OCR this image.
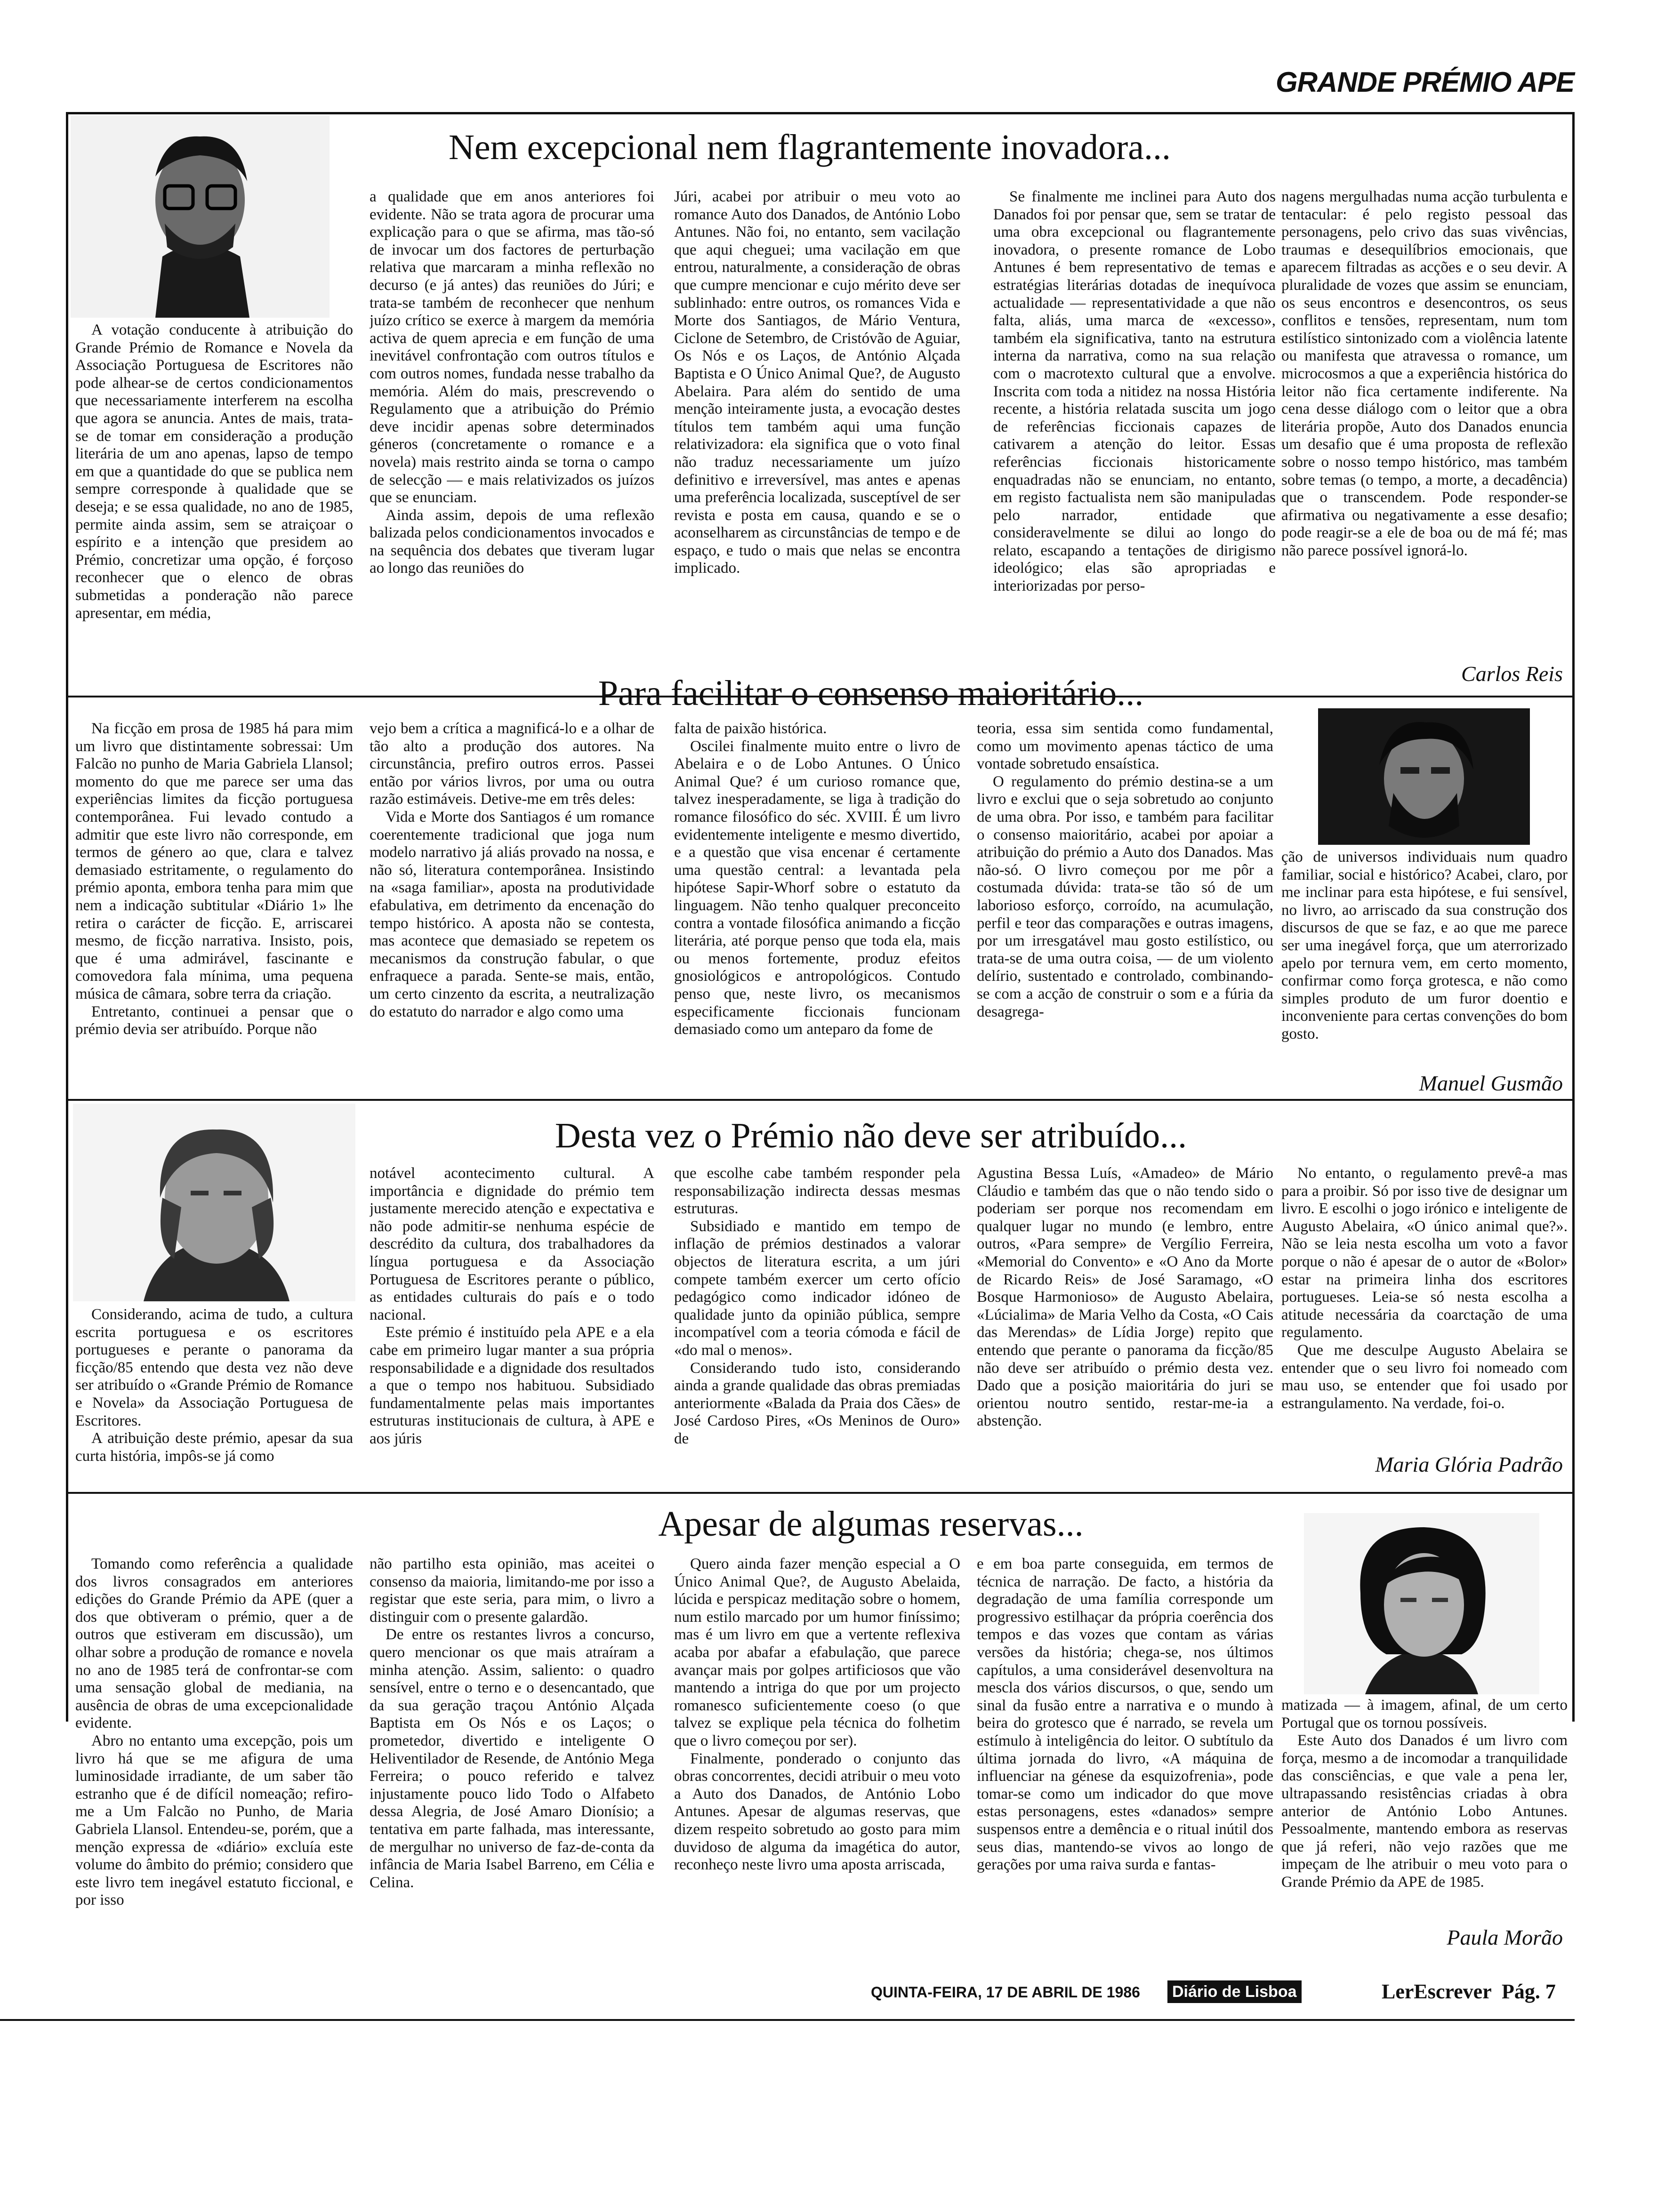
GRANDE PRÉMIO APE
Nem excepcional nem flagrantemente inovadora...

A votação conducente à atribuição do Grande Prémio de Romance e Novela da Associação Portuguesa de Escritores não pode alhear-se de certos condicionamentos que necessariamente interferem na escolha que agora se anuncia. Antes de mais, trata-se de tomar em consideração a produção literária de um ano apenas, lapso de tempo em que a quantidade do que se publica nem sempre corresponde à qualidade que se deseja; e se essa qualidade, no ano de 1985, permite ainda assim, sem se atraiçoar o espírito e a intenção que presidem ao Prémio, concretizar uma opção, é forçoso reconhecer que o elenco de obras submetidas a ponderação não parece apresentar, em média,

a qualidade que em anos anteriores foi evidente. Não se trata agora de procurar uma explicação para o que se afirma, mas tão-só de invocar um dos factores de perturbação relativa que marcaram a minha reflexão no decurso (e já antes) das reuniões do Júri; e trata-se também de reconhecer que nenhum juízo crítico se exerce à margem da memória activa de quem aprecia e em função de uma inevitável confrontação com outros títulos e com outros nomes, fundada nesse trabalho da memória. Além do mais, prescrevendo o Regulamento que a atribuição do Prémio deve incidir apenas sobre determinados géneros (concretamente o romance e a novela) mais restrito ainda se torna o campo de selecção — e mais relativizados os juízos que se enunciam.

Ainda assim, depois de uma reflexão balizada pelos condicionamentos invocados e na sequência dos debates que tiveram lugar ao longo das reuniões do

Júri, acabei por atribuir o meu voto ao romance Auto dos Danados, de António Lobo Antunes. Não foi, no entanto, sem vacilação que aqui cheguei; uma vacilação em que entrou, naturalmente, a consideração de obras que cumpre mencionar e cujo mérito deve ser sublinhado: entre outros, os romances Vida e Morte dos Santiagos, de Mário Ventura, Ciclone de Setembro, de Cristóvão de Aguiar, Os Nós e os Laços, de António Alçada Baptista e O Único Animal Que?, de Augusto Abelaira. Para além do sentido de uma menção inteiramente justa, a evocação destes títulos tem também aqui uma função relativizadora: ela significa que o voto final não traduz necessariamente um juízo definitivo e irreversível, mas antes e apenas uma preferência localizada, susceptível de ser revista e posta em causa, quando e se o aconselharem as circunstâncias de tempo e de espaço, e tudo o mais que nelas se encontra implicado.

Se finalmente me inclinei para Auto dos Danados foi por pensar que, sem se tratar de uma obra excepcional ou flagrantemente inovadora, o presente romance de Lobo Antunes é bem representativo de temas e estratégias literárias dotadas de inequívoca actualidade — representatividade a que não falta, aliás, uma marca de «excesso», também ela significativa, tanto na estrutura interna da narrativa, como na sua relação com o macrotexto cultural que a envolve. Inscrita com toda a nitidez na nossa História recente, a história relatada suscita um jogo de referências ficcionais capazes de cativarem a atenção do leitor. Essas referências ficcionais historicamente enquadradas não se enunciam, no entanto, em registo factualista nem são manipuladas pelo narrador, entidade que consideravelmente se dilui ao longo do relato, escapando a tentações de dirigismo ideológico; elas são apropriadas e interiorizadas por perso-

nagens mergulhadas numa acção turbulenta e tentacular: é pelo registo pessoal das personagens, pelo crivo das suas vivências, traumas e desequilíbrios emocionais, que aparecem filtradas as acções e o seu devir. A pluralidade de vozes que assim se enunciam, os seus encontros e desencontros, os seus conflitos e tensões, representam, num tom estilístico sintonizado com a violência latente ou manifesta que atravessa o romance, um microcosmos a que a experiência histórica do leitor não fica certamente indiferente. Na cena desse diálogo com o leitor que a obra literária propõe, Auto dos Danados enuncia um desafio que é uma proposta de reflexão sobre o nosso tempo histórico, mas também sobre temas (o tempo, a morte, a decadência) que o transcendem. Pode responder-se afirmativa ou negativamente a esse desafio; pode reagir-se a ele de boa ou de má fé; mas não parece possível ignorá-lo.

Carlos Reis
Para facilitar o consenso maioritário...

Na ficção em prosa de 1985 há para mim um livro que distintamente sobressai: Um Falcão no punho de Maria Gabriela Llansol; momento do que me parece ser uma das experiências limites da ficção portuguesa contemporânea. Fui levado contudo a admitir que este livro não corresponde, em termos de género ao que, clara e talvez demasiado estritamente, o regulamento do prémio aponta, embora tenha para mim que nem a indicação subtitular «Diário 1» lhe retira o carácter de ficção. E, arriscarei mesmo, de ficção narrativa. Insisto, pois, que é uma admirável, fascinante e comovedora fala mínima, uma pequena música de câmara, sobre terra da criação.

Entretanto, continuei a pensar que o prémio devia ser atribuído. Porque não

vejo bem a crítica a magnificá-lo e a olhar de tão alto a produção dos autores. Na circunstância, prefiro outros erros. Passei então por vários livros, por uma ou outra razão estimáveis. Detive-me em três deles:

Vida e Morte dos Santiagos é um romance coerentemente tradicional que joga num modelo narrativo já aliás provado na nossa, e não só, literatura contemporânea. Insistindo na «saga familiar», aposta na produtividade efabulativa, em detrimento da encenação do tempo histórico. A aposta não se contesta, mas acontece que demasiado se repetem os mecanismos da construção fabular, o que enfraquece a parada. Sente-se mais, então, um certo cinzento da escrita, a neutralização do estatuto do narrador e algo como uma

falta de paixão histórica.

Oscilei finalmente muito entre o livro de Abelaira e o de Lobo Antunes. O Único Animal Que? é um curioso romance que, talvez inesperadamente, se liga à tradição do romance filosófico do séc. XVIII. É um livro evidentemente inteligente e mesmo divertido, e a questão que visa encenar é certamente uma questão central: a levantada pela hipótese Sapir-Whorf sobre o estatuto da linguagem. Não tenho qualquer preconceito contra a vontade filosófica animando a ficção literária, até porque penso que toda ela, mais ou menos fortemente, produz efeitos gnosiológicos e antropológicos. Contudo penso que, neste livro, os mecanismos especificamente ficcionais funcionam demasiado como um anteparo da fome de

teoria, essa sim sentida como fundamental, como um movimento apenas táctico de uma vontade sobretudo ensaística.

O regulamento do prémio destina-se a um livro e exclui que o seja sobretudo ao conjunto de uma obra. Por isso, e também para facilitar o consenso maioritário, acabei por apoiar a atribuição do prémio a Auto dos Danados. Mas não-só. O livro começou por me pôr a costumada dúvida: trata-se tão só de um laborioso esforço, corroído, na acumulação, perfil e teor das comparações e outras imagens, por um irresgatável mau gosto estilístico, ou trata-se de uma outra coisa, — de um violento delírio, sustentado e controlado, combinando-se com a acção de construir o som e a fúria da desagrega-

ção de universos individuais num quadro familiar, social e histórico? Acabei, claro, por me inclinar para esta hipótese, e fui sensível, no livro, ao arriscado da sua construção dos discursos de que se faz, e ao que me parece ser uma inegável força, que um aterrorizado apelo por ternura vem, em certo momento, confirmar como força grotesca, e não como simples produto de um furor doentio e inconveniente para certas convenções do bom gosto.

Manuel Gusmão
Desta vez o Prémio não deve ser atribuído...

Considerando, acima de tudo, a cultura escrita portuguesa e os escritores portugueses e perante o panorama da ficção/85 entendo que desta vez não deve ser atribuído o «Grande Prémio de Romance e Novela» da Associação Portuguesa de Escritores.

A atribuição deste prémio, apesar da sua curta história, impôs-se já como

notável acontecimento cultural. A importância e dignidade do prémio tem justamente merecido atenção e expectativa e não pode admitir-se nenhuma espécie de descrédito da cultura, dos trabalhadores da língua portuguesa e da Associação Portuguesa de Escritores perante o público, as entidades culturais do país e o todo nacional.

Este prémio é instituído pela APE e a ela cabe em primeiro lugar manter a sua própria responsabilidade e a dignidade dos resultados a que o tempo nos habituou. Subsidiado fundamentalmente pelas mais importantes estruturas institucionais de cultura, à APE e aos júris

que escolhe cabe também responder pela responsabilização indirecta dessas mesmas estruturas.

Subsidiado e mantido em tempo de inflação de prémios destinados a valorar objectos de literatura escrita, a um júri compete também exercer um certo ofício pedagógico como indicador idóneo de qualidade junto da opinião pública, sempre incompatível com a teoria cómoda e fácil de «do mal o menos».

Considerando tudo isto, considerando ainda a grande qualidade das obras premiadas anteriormente «Balada da Praia dos Cães» de José Cardoso Pires, «Os Meninos de Ouro» de

Agustina Bessa Luís, «Amadeo» de Mário Cláudio e também das que o não tendo sido o poderiam ser porque nos recomendam em qualquer lugar no mundo (e lembro, entre outros, «Para sempre» de Vergílio Ferreira, «Memorial do Convento» e «O Ano da Morte de Ricardo Reis» de José Saramago, «O Bosque Harmonioso» de Augusto Abelaira, «Lúcialima» de Maria Velho da Costa, «O Cais das Merendas» de Lídia Jorge) repito que entendo que perante o panorama da ficção/85 não deve ser atribuído o prémio desta vez. Dado que a posição maioritária do juri se orientou noutro sentido, restar-me-ia a abstenção.

No entanto, o regulamento prevê-a mas para a proibir. Só por isso tive de designar um livro. E escolhi o jogo irónico e inteligente de Augusto Abelaira, «O único animal que?». Não se leia nesta escolha um voto a favor porque o não é apesar de o autor de «Bolor» estar na primeira linha dos escritores portugueses. Leia-se só nesta escolha a atitude necessária da coarctação de uma regulamento.

Que me desculpe Augusto Abelaira se entender que o seu livro foi nomeado com mau uso, se entender que foi usado por estrangulamento. Na verdade, foi-o.

Maria Glória Padrão
Apesar de algumas reservas...

Tomando como referência a qualidade dos livros consagrados em anteriores edições do Grande Prémio da APE (quer a dos que obtiveram o prémio, quer a de outros que estiveram em discussão), um olhar sobre a produção de romance e novela no ano de 1985 terá de confrontar-se com uma sensação global de mediania, na ausência de obras de uma excepcionalidade evidente.

Abro no entanto uma excepção, pois um livro há que se me afigura de uma luminosidade irradiante, de um saber tão estranho que é de difícil nomeação; refiro-me a Um Falcão no Punho, de Maria Gabriela Llansol. Entendeu-se, porém, que a menção expressa de «diário» excluía este volume do âmbito do prémio; considero que este livro tem inegável estatuto ficcional, e por isso

não partilho esta opinião, mas aceitei o consenso da maioria, limitando-me por isso a registar que este seria, para mim, o livro a distinguir com o presente galardão.

De entre os restantes livros a concurso, quero mencionar os que mais atraíram a minha atenção. Assim, saliento: o quadro sensível, entre o terno e o desencantado, que da sua geração traçou António Alçada Baptista em Os Nós e os Laços; o prometedor, divertido e inteligente O Heliventilador de Resende, de António Mega Ferreira; o pouco referido e talvez injustamente pouco lido Todo o Alfabeto dessa Alegria, de José Amaro Dionísio; a tentativa em parte falhada, mas interessante, de mergulhar no universo de faz-de-conta da infância de Maria Isabel Barreno, em Célia e Celina.

Quero ainda fazer menção especial a O Único Animal Que?, de Augusto Abelaida, lúcida e perspicaz meditação sobre o homem, num estilo marcado por um humor finíssimo; mas é um livro em que a vertente reflexiva acaba por abafar a efabulação, que parece avançar mais por golpes artificiosos que vão mantendo a intriga do que por um projecto romanesco suficientemente coeso (o que talvez se explique pela técnica do folhetim que o livro começou por ser).

Finalmente, ponderado o conjunto das obras concorrentes, decidi atribuir o meu voto a Auto dos Danados, de António Lobo Antunes. Apesar de algumas reservas, que dizem respeito sobretudo ao gosto para mim duvidoso de alguma da imagética do autor, reconheço neste livro uma aposta arriscada,

e em boa parte conseguida, em termos de técnica de narração. De facto, a história da degradação de uma família corresponde um progressivo estilhaçar da própria coerência dos tempos e das vozes que contam as várias versões da história; chega-se, nos últimos capítulos, a uma considerável desenvoltura na mescla dos vários discursos, o que, sendo um sinal da fusão entre a narrativa e o mundo à beira do grotesco que é narrado, se revela um estímulo à inteligência do leitor. O subtítulo da última jornada do livro, «A máquina de influenciar na génese da esquizofrenia», pode tomar-se como um indicador do que move estas personagens, estes «danados» sempre suspensos entre a demência e o ritual inútil dos seus dias, mantendo-se vivos ao longo de gerações por uma raiva surda e fantas-

matizada — à imagem, afinal, de um certo Portugal que os tornou possíveis.

Este Auto dos Danados é um livro com força, mesmo a de incomodar a tranquilidade das consciências, e que vale a pena ler, ultrapassando resistências criadas à obra anterior de António Lobo Antunes. Pessoalmente, mantendo embora as reservas que já referi, não vejo razões que me impeçam de lhe atribuir o meu voto para o Grande Prémio da APE de 1985.

Paula Morão
QUINTA-FEIRA, 17 DE ABRIL DE 1986 Diário de Lisboa	LerEscrever Pág. 7
